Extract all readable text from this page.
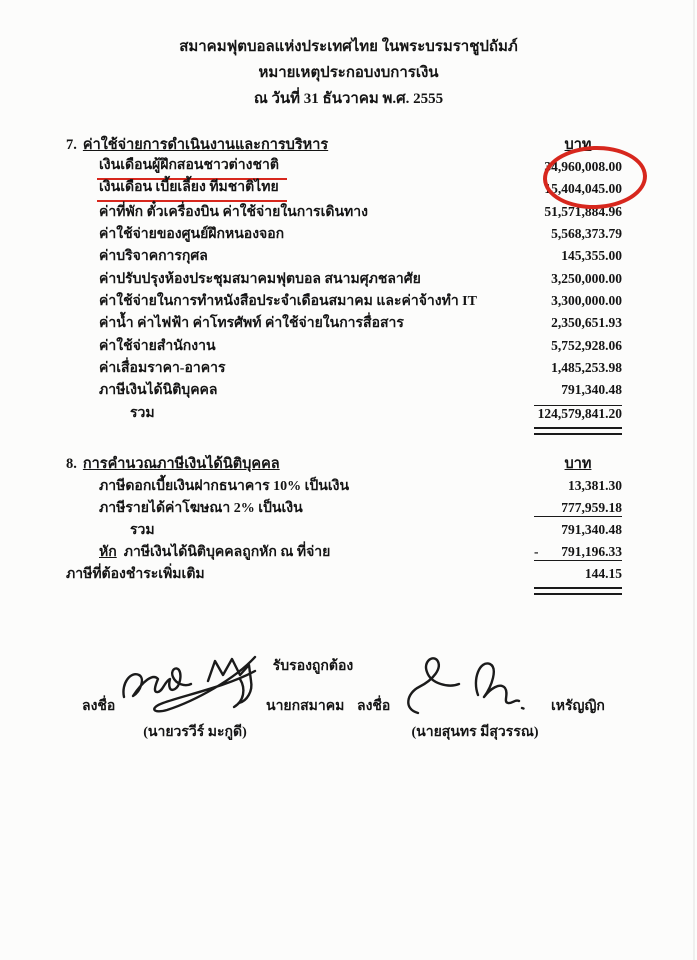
สมาคมฟุตบอลแห่งประเทศไทย ในพระบรมราชูปถัมภ์
หมายเหตุประกอบงบการเงิน
ณ วันที่ 31 ธันวาคม พ.ศ. 2555
7. ค่าใช้จ่ายการดำเนินงานและการบริหาร	บาท
เงินเดือนผู้ฝึกสอนชาวต่างชาติ	34,960,008.00
เงินเดือน เบี้ยเลี้ยง ทีมชาติไทย	15,404,045.00
ค่าที่พัก ตั๋วเครื่องบิน ค่าใช้จ่ายในการเดินทาง	51,571,884.96
ค่าใช้จ่ายของศูนย์ฝึกหนองจอก	5,568,373.79
ค่าบริจาคการกุศล	145,355.00
ค่าปรับปรุงห้องประชุมสมาคมฟุตบอล สนามศุภชลาศัย	3,250,000.00
ค่าใช้จ่ายในการทำหนังสือประจำเดือนสมาคม และค่าจ้างทำ IT	3,300,000.00
ค่าน้ำ ค่าไฟฟ้า ค่าโทรศัพท์ ค่าใช้จ่ายในการสื่อสาร	2,350,651.93
ค่าใช้จ่ายสำนักงาน	5,752,928.06
ค่าเสื่อมราคา-อาคาร	1,485,253.98
ภาษีเงินได้นิติบุคคล	791,340.48
รวม	124,579,841.20
8. การคำนวณภาษีเงินได้นิติบุคคล	บาท
ภาษีดอกเบี้ยเงินฝากธนาคาร 10% เป็นเงิน	13,381.30
ภาษีรายได้ค่าโฆษณา 2% เป็นเงิน	777,959.18
รวม	791,340.48
หัก ภาษีเงินได้นิติบุคคลถูกหัก ณ ที่จ่าย	- 791,196.33
ภาษีที่ต้องชำระเพิ่มเติม	144.15
รับรองถูกต้อง
ลงชื่อ	นายกสมาคม ลงชื่อ	เหรัญญิก
(นายวรวีร์ มะกูดี)	(นายสุนทร มีสุวรรณ)
